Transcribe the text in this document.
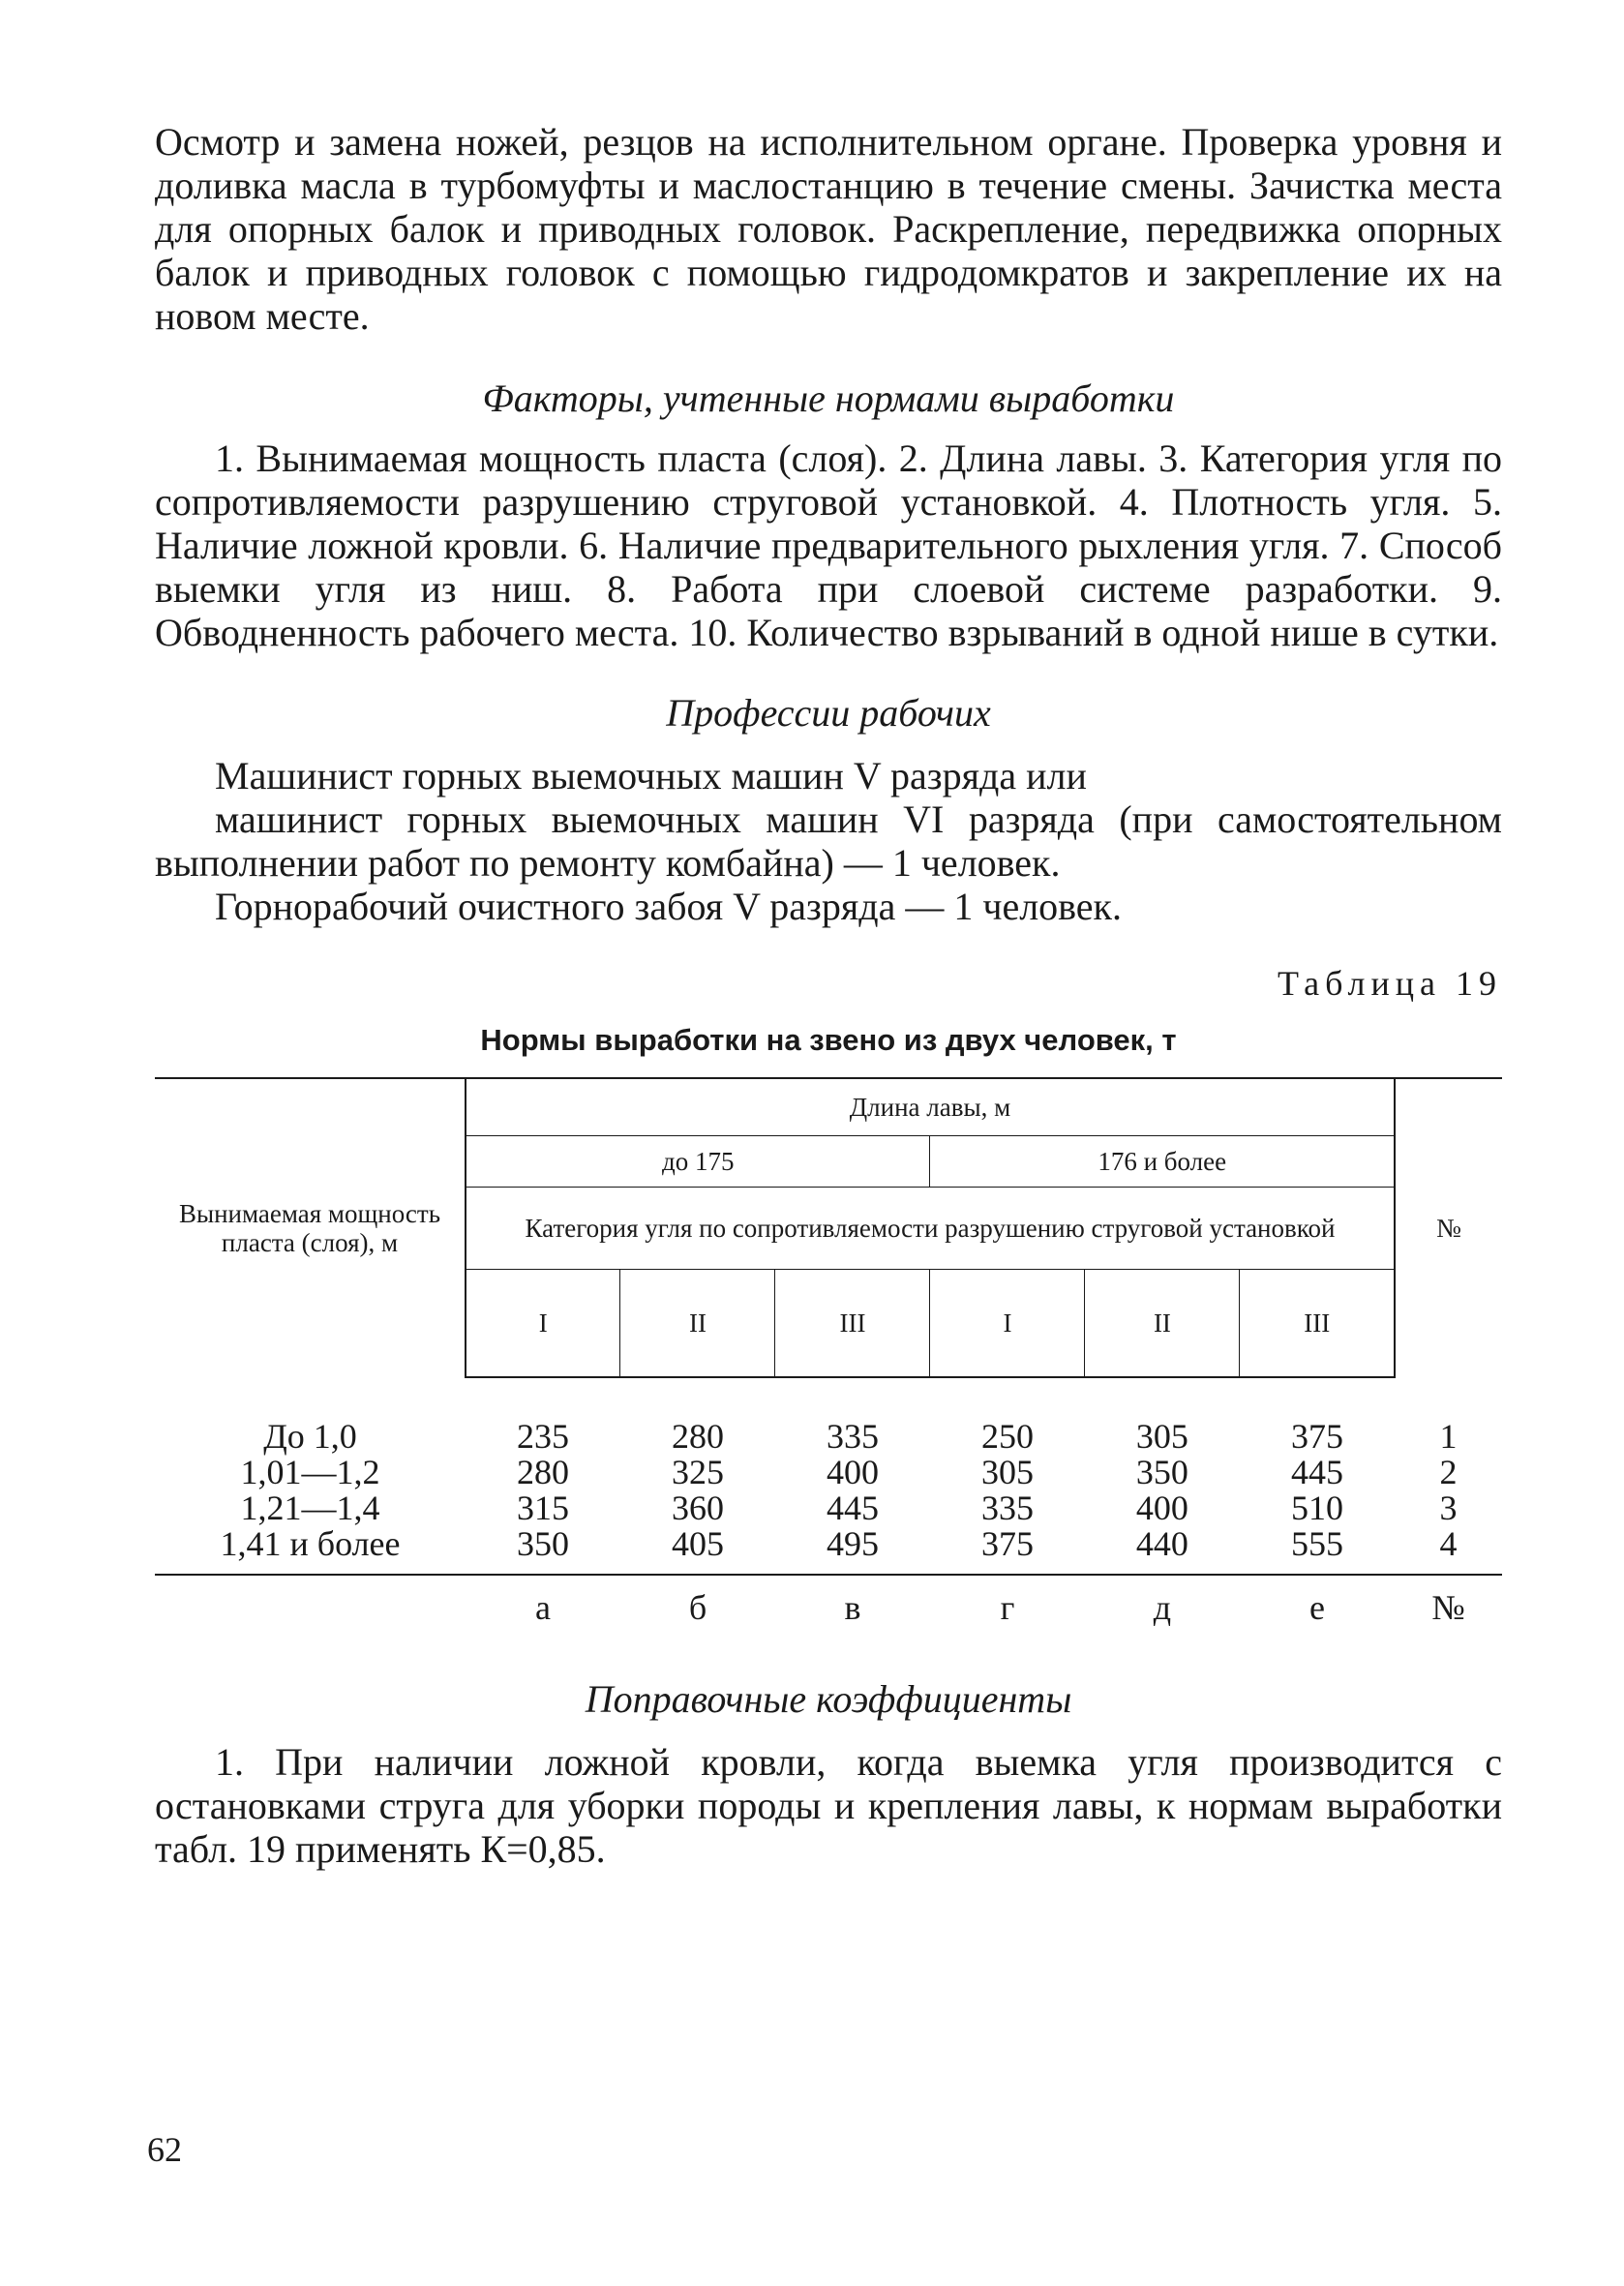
Осмотр и замена ножей, резцов на исполнительном органе. Проверка уровня и доливка масла в турбомуфты и маслостанцию в течение смены. Зачистка места для опорных балок и приводных головок. Раскрепление, передвижка опорных балок и приводных головок с помощью гидродомкратов и закрепление их на новом месте.

Факторы, учтенные нормами выработки

1. Вынимаемая мощность пласта (слоя). 2. Длина лавы. 3. Категория угля по сопротивляемости разрушению струговой установкой. 4. Плотность угля. 5. Наличие ложной кровли. 6. Наличие предварительного рыхления угля. 7. Способ выемки угля из ниш. 8. Работа при слоевой системе разработки. 9. Обводненность рабочего места. 10. Количество взрываний в одной нише в сутки.

Профессии рабочих

Машинист горных выемочных машин V разряда или

машинист горных выемочных машин VI разряда (при самостоятельном выполнении работ по ремонту комбайна) — 1 человек.

Горнорабочий очистного забоя V разряда — 1 человек.

Таблица 19

Нормы выработки на звено из двух человек, т

Вынимаемая мощность пласта (слоя), м	Длина лавы, м						№
	до 175			176 и более			
	Категория угля по сопротивляемости разрушению струговой установкой						
	I	II	III	I	II	III	
До 1,0	235	280	335	250	305	375	1
1,01—1,2	280	325	400	305	350	445	2
1,21—1,4	315	360	445	335	400	510	3
1,41 и более	350	405	495	375	440	555	4
	а	б	в	г	д	е	№

Поправочные коэффициенты

1. При наличии ложной кровли, когда выемка угля производится с остановками струга для уборки породы и крепления лавы, к нормам выработки табл. 19 применять К=0,85.

62
